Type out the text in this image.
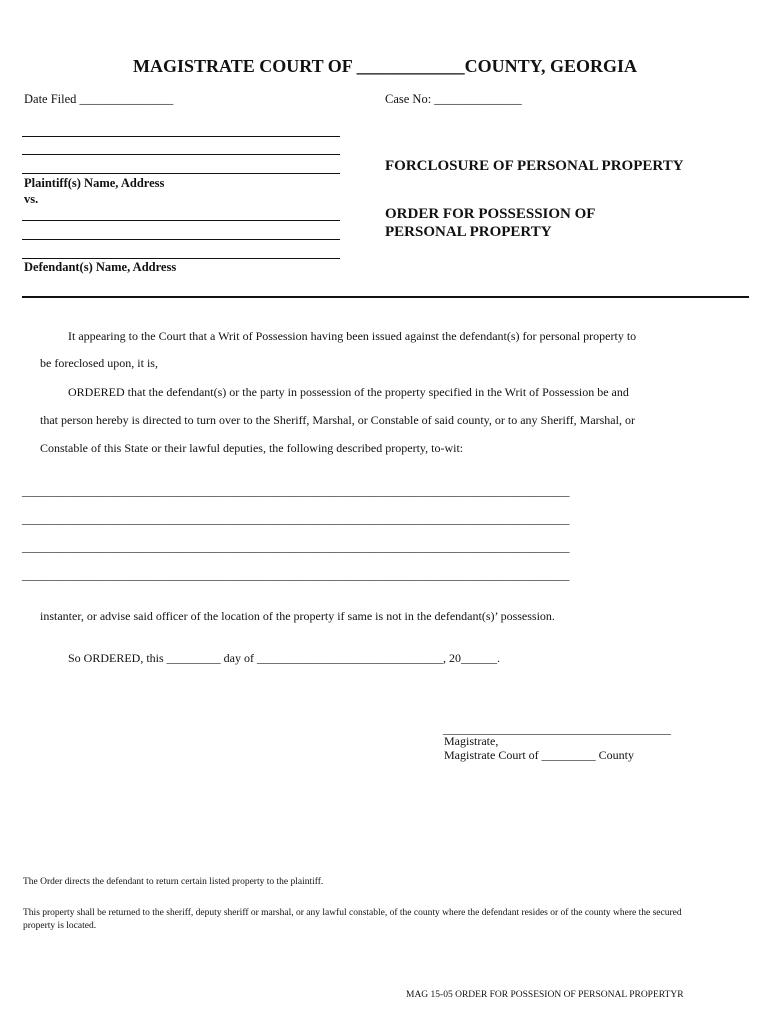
MAGISTRATE COURT OF ____________COUNTY, GEORGIA
Date Filed _______________	Case No: ______________
Plaintiff(s) Name, Address
vs.
Defendant(s) Name, Address
FORCLOSURE OF PERSONAL PROPERTY
ORDER FOR POSSESSION OF
PERSONAL PROPERTY
It appearing to the Court that a Writ of Possession having been issued against the defendant(s) for personal property to
be foreclosed upon, it is,
ORDERED that the defendant(s) or the party in possession of the property specified in the Writ of Possession be and
that person hereby is directed to turn over to the Sheriff, Marshal, or Constable of said county, or to any Sheriff, Marshal, or
Constable of this State or their lawful deputies, the following described property, to-wit:
________________________________________________________________________________________________
________________________________________________________________________________________________
________________________________________________________________________________________________
________________________________________________________________________________________________
instanter, or advise said officer of the location of the property if same is not in the defendant(s)’ possession.
So ORDERED, this _________ day of _______________________________, 20______.
______________________________________
Magistrate,
Magistrate Court of _________ County
The Order directs the defendant to return certain listed property to the plaintiff.
This property shall be returned to the sheriff, deputy sheriff or marshal, or any lawful constable, of the county where the defendant resides or of the county where the secured
property is located.
MAG 15-05 ORDER FOR POSSESION OF PERSONAL PROPERTYR
